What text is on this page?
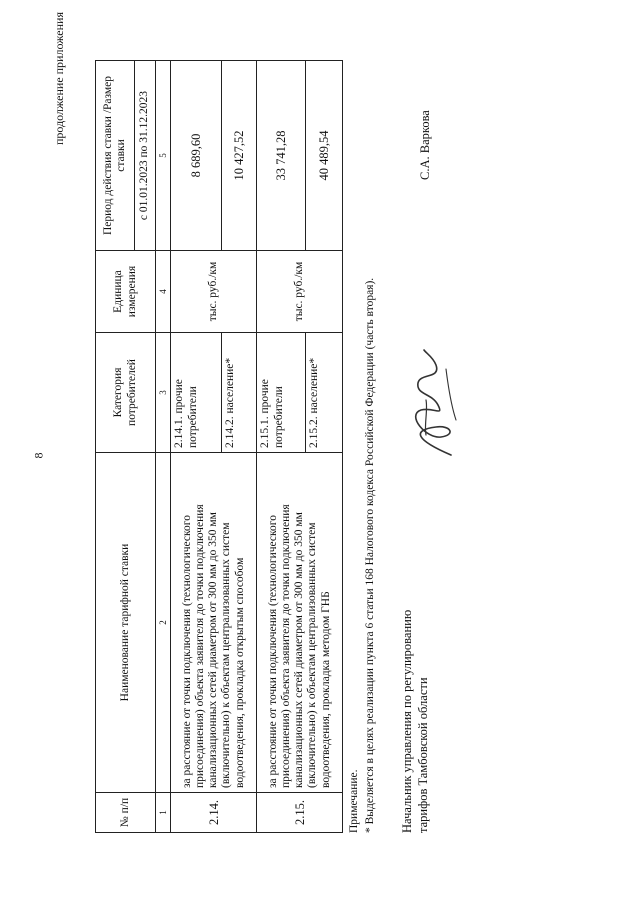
8
продолжение приложения
№ п/п	Наименование тарифной ставки	Категория потребителей	Единица измерения	Период действия ставки /Размер ставки
				с 01.01.2023 по 31.12.2023
1	2	3	4	5
2.14.	за расстояние от точки подключения (технологического присоединения) объекта заявителя до точки подключения канализационных сетей диаметром от 300 мм до 350 мм (включительно) к объектам централизованных систем водоотведения, прокладка открытым способом	2.14.1. прочие потребители	тыс. руб./км	8 689,60
		2.14.2. население*		10 427,52
2.15.	за расстояние от точки подключения (технологического присоединения) объекта заявителя до точки подключения канализационных сетей диаметром от 300 мм до 350 мм (включительно) к объектам централизованных систем водоотведения, прокладка методом ГНБ	2.15.1. прочие потребители	тыс. руб./км	33 741,28
		2.15.2. население*		40 489,54
Примечание. * Выделяется в целях реализации пункта 6 статьи 168 Налогового кодекса Российской Федерации (часть вторая). Начальник управления по регулированию тарифов Тамбовской области
С.А. Варкова
